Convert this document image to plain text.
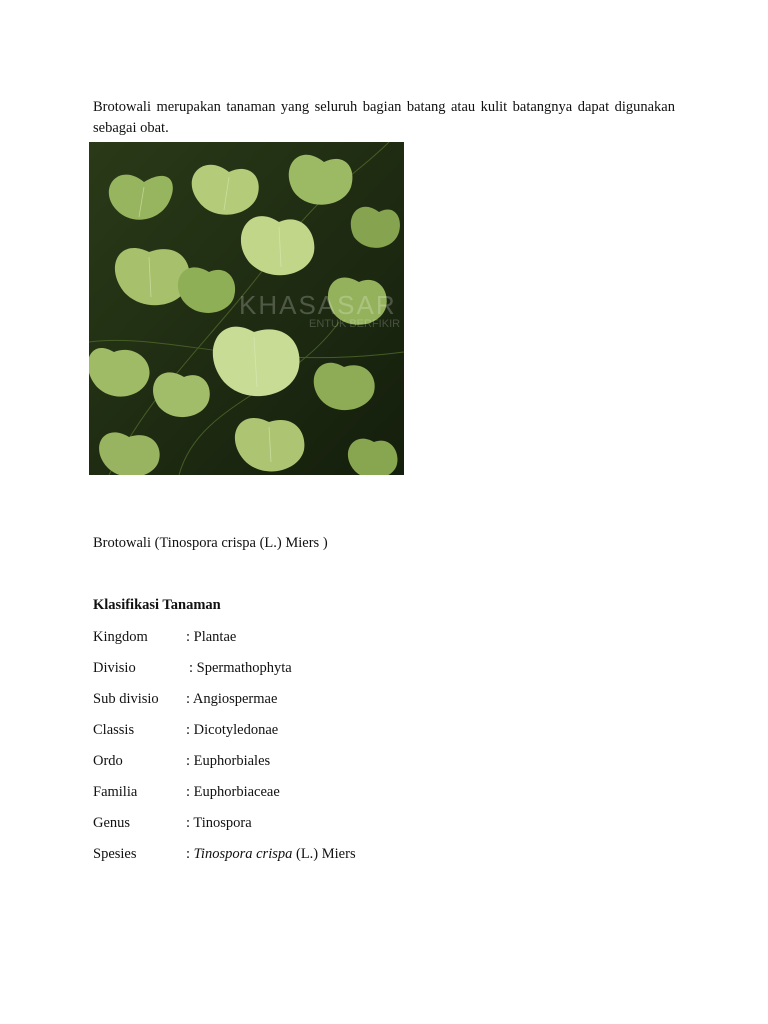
Brotowali merupakan tanaman yang seluruh bagian batang atau kulit batangnya dapat digunakan sebagai obat.

KHASASAR
ENTUK BERFIKIR

Brotowali (Tinospora crispa (L.) Miers )

Klasifikasi Tanaman
Kingdom	: Plantae
Divisio	: Spermathophyta
Sub divisio : Angiospermae
Classis	: Dicotyledonae
Ordo	: Euphorbiales
Familia	: Euphorbiaceae
Genus	: Tinospora
Spesies	: Tinospora crispa (L.) Miers
